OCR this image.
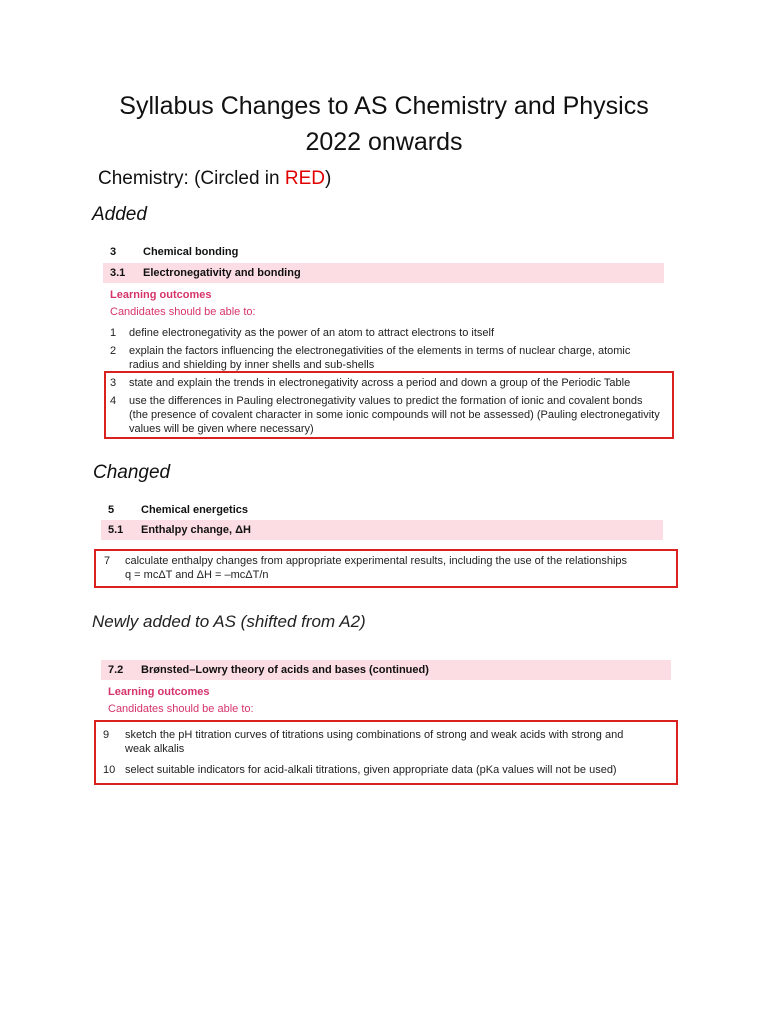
Syllabus Changes to AS Chemistry and Physics
2022 onwards
Chemistry: (Circled in RED)
Added
3 Chemical bonding
3.1 Electronegativity and bonding
Learning outcomes
Candidates should be able to:
1 define electronegativity as the power of an atom to attract electrons to itself
2 explain the factors influencing the electronegativities of the elements in terms of nuclear charge, atomic
radius and shielding by inner shells and sub-shells
3 state and explain the trends in electronegativity across a period and down a group of the Periodic Table
4 use the differences in Pauling electronegativity values to predict the formation of ionic and covalent bonds
(the presence of covalent character in some ionic compounds will not be assessed) (Pauling electronegativity
values will be given where necessary)
Changed
5 Chemical energetics
5.1 Enthalpy change, ΔH
7 calculate enthalpy changes from appropriate experimental results, including the use of the relationships
q = mcΔT and ΔH = –mcΔT/n
Newly added to AS (shifted from A2)
7.2 Brønsted–Lowry theory of acids and bases (continued)
Learning outcomes
Candidates should be able to:
9 sketch the pH titration curves of titrations using combinations of strong and weak acids with strong and
weak alkalis
10 select suitable indicators for acid-alkali titrations, given appropriate data (pKa values will not be used)
